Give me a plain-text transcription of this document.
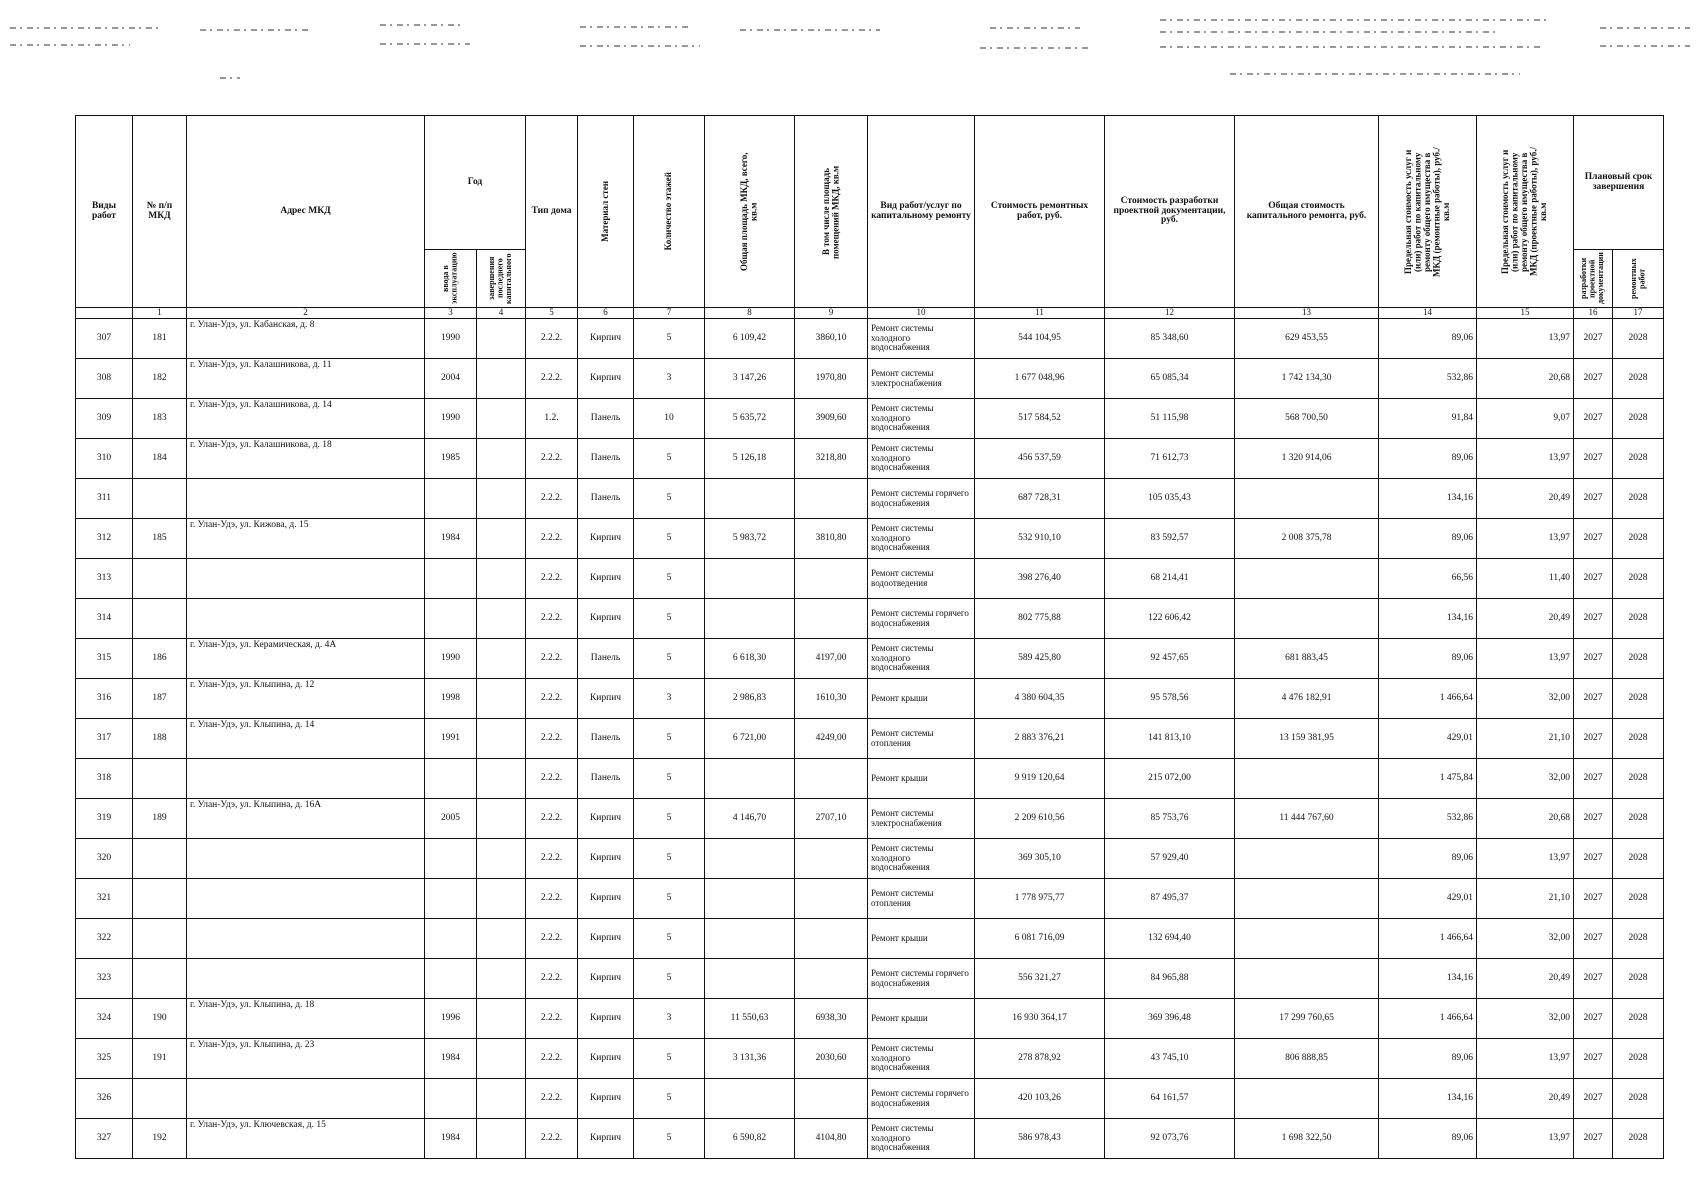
Виды работ	№ п/п МКД	Адрес МКД	Год		Тип дома	Материал стен	Количество этажей	Общая площадь МКД, всего, кв.м	В том числе площадь помещений МКД, кв.м	Вид работ/услуг по капитальному ремонту	Стоимость ремонтных работ, руб.	Стоимость разработки проектной документации, руб.	Общая стоимость капитального ремонта, руб.	Предельная стоимость услуг и (или) работ по капитальному ремонту общего имущества в МКД (ремонтные работы), руб./кв.м	Предельная стоимость услуг и (или) работ по капитальному ремонту общего имущества в МКД (проектные работы), руб./кв.м	Плановый срок завершения	

			ввода в эксплуатацию	завершения последнего капитального												разработки проектной документации	ремонтных работ

	1	2	3	4	5	6	7	8	9	10	11	12	13	14	15	16	17
307	181	г. Улан-Удэ, ул. Кабанская, д. 8	1990		2.2.2.	Кирпич	5	6 109,42	3860,10	Ремонт системы холодного водоснабжения	544 104,95	85 348,60	629 453,55	89,06	13,97	2027	2028
308	182	г. Улан-Удэ, ул. Калашникова, д. 11	2004		2.2.2.	Кирпич	3	3 147,26	1970,80	Ремонт системы электроснабжения	1 677 048,96	65 085,34	1 742 134,30	532,86	20,68	2027	2028
309	183	г. Улан-Удэ, ул. Калашникова, д. 14	1990		1.2.	Панель	10	5 635,72	3909,60	Ремонт системы холодного водоснабжения	517 584,52	51 115,98	568 700,50	91,84	9,07	2027	2028
310	184	г. Улан-Удэ, ул. Калашникова, д. 18	1985		2.2.2.	Панель	5	5 126,18	3218,80	Ремонт системы холодного водоснабжения	456 537,59	71 612,73	1 320 914,06	89,06	13,97	2027	2028
311					2.2.2.	Панель	5			Ремонт системы горячего водоснабжения	687 728,31	105 035,43		134,16	20,49	2027	2028
312	185	г. Улан-Удэ, ул. Кижова, д. 15	1984		2.2.2.	Кирпич	5	5 983,72	3810,80	Ремонт системы холодного водоснабжения	532 910,10	83 592,57	2 008 375,78	89,06	13,97	2027	2028
313					2.2.2.	Кирпич	5			Ремонт системы водоотведения	398 276,40	68 214,41		66,56	11,40	2027	2028
314					2.2.2.	Кирпич	5			Ремонт системы горячего водоснабжения	802 775,88	122 606,42		134,16	20,49	2027	2028
315	186	г. Улан-Удэ, ул. Керамическая, д. 4А	1990		2.2.2.	Панель	5	6 618,30	4197,00	Ремонт системы холодного водоснабжения	589 425,80	92 457,65	681 883,45	89,06	13,97	2027	2028
316	187	г. Улан-Удэ, ул. Клыпина, д. 12	1998		2.2.2.	Кирпич	3	2 986,83	1610,30	Ремонт крыши	4 380 604,35	95 578,56	4 476 182,91	1 466,64	32,00	2027	2028
317	188	г. Улан-Удэ, ул. Клыпина, д. 14	1991		2.2.2.	Панель	5	6 721,00	4249,00	Ремонт системы отопления	2 883 376,21	141 813,10	13 159 381,95	429,01	21,10	2027	2028
318					2.2.2.	Панель	5			Ремонт крыши	9 919 120,64	215 072,00		1 475,84	32,00	2027	2028
319	189	г. Улан-Удэ, ул. Клыпина, д. 16А	2005		2.2.2.	Кирпич	5	4 146,70	2707,10	Ремонт системы электроснабжения	2 209 610,56	85 753,76	11 444 767,60	532,86	20,68	2027	2028
320					2.2.2.	Кирпич	5			Ремонт системы холодного водоснабжения	369 305,10	57 929,40		89,06	13,97	2027	2028
321					2.2.2.	Кирпич	5			Ремонт системы отопления	1 778 975,77	87 495,37		429,01	21,10	2027	2028
322					2.2.2.	Кирпич	5			Ремонт крыши	6 081 716,09	132 694,40		1 466,64	32,00	2027	2028
323					2.2.2.	Кирпич	5			Ремонт системы горячего водоснабжения	556 321,27	84 965,88		134,16	20,49	2027	2028
324	190	г. Улан-Удэ, ул. Клыпина, д. 18	1996		2.2.2.	Кирпич	3	11 550,63	6938,30	Ремонт крыши	16 930 364,17	369 396,48	17 299 760,65	1 466,64	32,00	2027	2028
325	191	г. Улан-Удэ, ул. Клыпина, д. 23	1984		2.2.2.	Кирпич	5	3 131,36	2030,60	Ремонт системы холодного водоснабжения	278 878,92	43 745,10	806 888,85	89,06	13,97	2027	2028
326					2.2.2.	Кирпич	5			Ремонт системы горячего водоснабжения	420 103,26	64 161,57		134,16	20,49	2027	2028
327	192	г. Улан-Удэ, ул. Ключевская, д. 15	1984		2.2.2.	Кирпич	5	6 590,82	4104,80	Ремонт системы холодного водоснабжения	586 978,43	92 073,76	1 698 322,50	89,06	13,97	2027	2028
